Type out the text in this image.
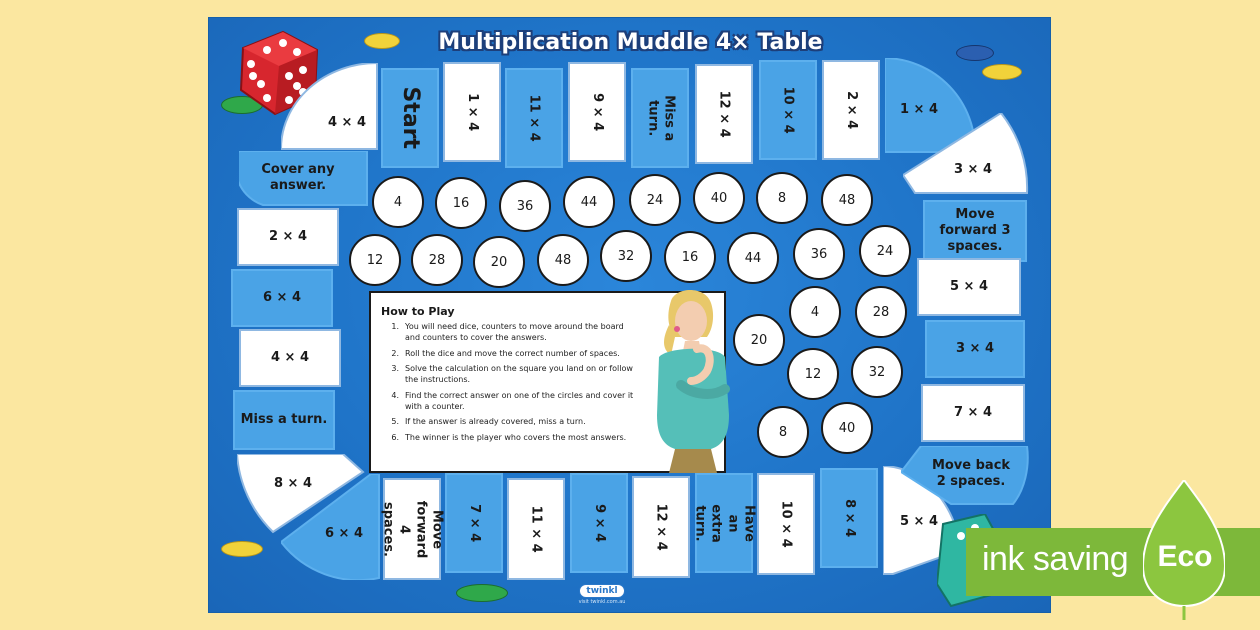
Multiplication Muddle 4× Table
4 × 4
Cover any answer.
Start	1 × 4	11 × 4	9 × 4	Miss a turn.	12 × 4	10 × 4	2 × 4	1 × 4
3 × 4
2 × 4
6 × 4
4 × 4
Miss a turn.
8 × 4
6 × 4	Move forward 4 spaces.	7 × 4	11 × 4	9 × 4	12 × 4	Have an extra turn.	10 × 4	8 × 4	5 × 4
Move back 2 spaces.
Move forward 3 spaces.
5 × 4
3 × 4
7 × 4
4	16	36	44	24	40	8	48
12	28	20	48	32	16	44	36	24
4	28
20
12	32
8	40
How to Play
1. You will need dice, counters to move around the board and counters to cover the answers.
2. Roll the dice and move the correct number of spaces.
3. Solve the calculation on the square you land on or follow the instructions.
4. Find the correct answer on one of the circles and cover it with a counter.
5. If the answer is already covered, miss a turn.
6. The winner is the player who covers the most answers.
twinkl
visit twinkl.com.au
ink saving Eco
